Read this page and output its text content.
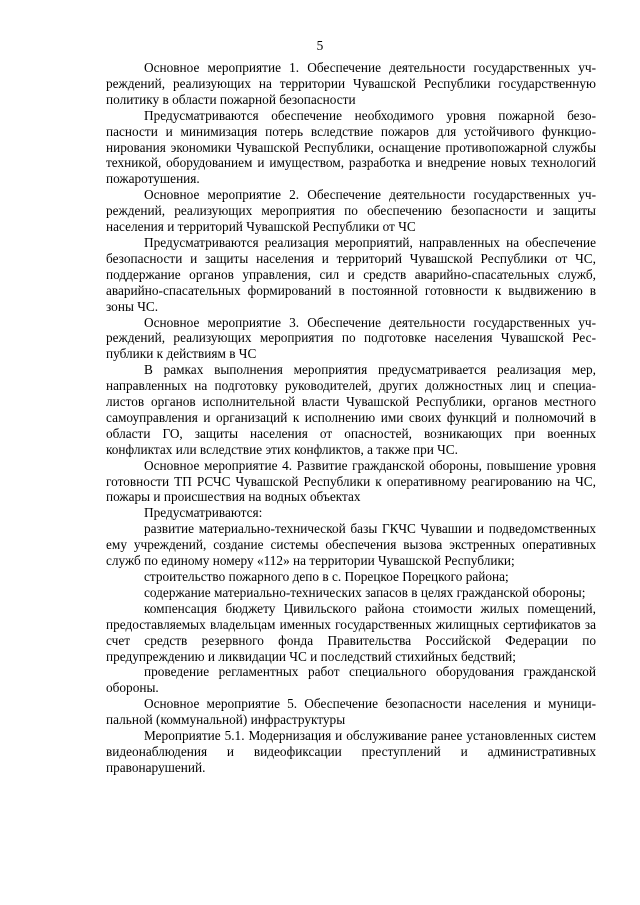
5

Основное мероприятие 1. Обеспечение деятельности государственных учреждений, реализующих на территории Чувашской Республики государственную политику в области пожарной безопасности

Предусматриваются обеспечение необходимого уровня пожарной безопасности и минимизация потерь вследствие пожаров для устойчивого функционирования экономики Чувашской Республики, оснащение противопожарной службы техникой, оборудованием и имуществом, разработка и внедрение новых технологий пожаротушения.

Основное мероприятие 2. Обеспечение деятельности государственных учреждений, реализующих мероприятия по обеспечению безопасности и защиты населения и территорий Чувашской Республики от ЧС

Предусматриваются реализация мероприятий, направленных на обеспечение безопасности и защиты населения и территорий Чувашской Республики от ЧС, поддержание органов управления, сил и средств аварийно-спасательных служб, аварийно-спасательных формирований в постоянной готовности к выдвижению в зоны ЧС.

Основное мероприятие 3. Обеспечение деятельности государственных учреждений, реализующих мероприятия по подготовке населения Чувашской Республики к действиям в ЧС

В рамках выполнения мероприятия предусматривается реализация мер, направленных на подготовку руководителей, других должностных лиц и специалистов органов исполнительной власти Чувашской Республики, органов местного самоуправления и организаций к исполнению ими своих функций и полномочий в области ГО, защиты населения от опасностей, возникающих при военных конфликтах или вследствие этих конфликтов, а также при ЧС.

Основное мероприятие 4. Развитие гражданской обороны, повышение уровня готовности ТП РСЧС Чувашской Республики к оперативному реагированию на ЧС, пожары и происшествия на водных объектах

Предусматриваются:

развитие материально-технической базы ГКЧС Чувашии и подведомственных ему учреждений, создание системы обеспечения вызова экстренных оперативных служб по единому номеру «112» на территории Чувашской Республики;

строительство пожарного депо в с. Порецкое Порецкого района;

содержание материально-технических запасов в целях гражданской обороны;

компенсация бюджету Цивильского района стоимости жилых помещений, предоставляемых владельцам именных государственных жилищных сертификатов за счет средств резервного фонда Правительства Российской Федерации по предупреждению и ликвидации ЧС и последствий стихийных бедствий;

проведение регламентных работ специального оборудования гражданской обороны.

Основное мероприятие 5. Обеспечение безопасности населения и муниципальной (коммунальной) инфраструктуры

Мероприятие 5.1. Модернизация и обслуживание ранее установленных систем видеонаблюдения и видеофиксации преступлений и административных правонарушений.
